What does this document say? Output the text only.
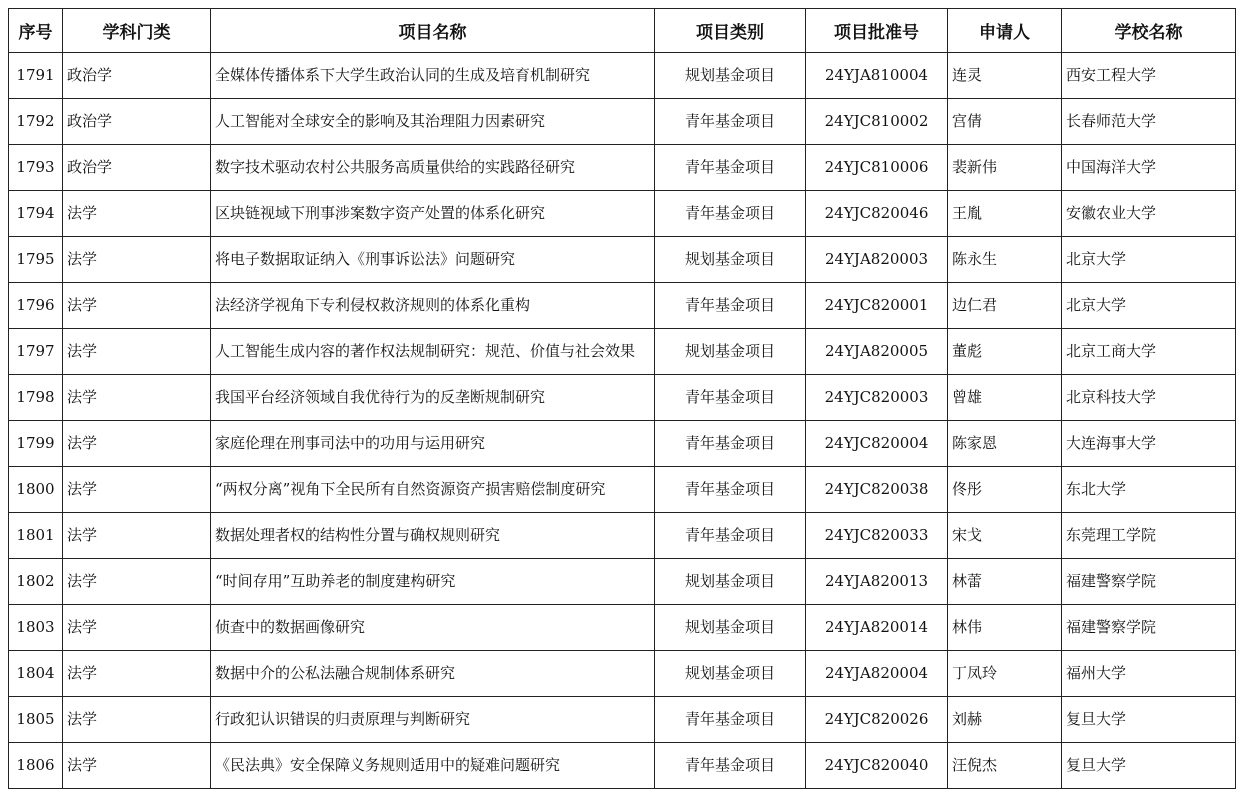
序号	学科门类	项目名称	项目类别	项目批准号	申请人	学校名称
1791	政治学	全媒体传播体系下大学生政治认同的生成及培育机制研究	规划基金项目	24YJA810004	连灵	西安工程大学
1792	政治学	人工智能对全球安全的影响及其治理阻力因素研究	青年基金项目	24YJC810002	宫倩	长春师范大学
1793	政治学	数字技术驱动农村公共服务高质量供给的实践路径研究	青年基金项目	24YJC810006	裴新伟	中国海洋大学
1794	法学	区块链视域下刑事涉案数字资产处置的体系化研究	青年基金项目	24YJC820046	王胤	安徽农业大学
1795	法学	将电子数据取证纳入《刑事诉讼法》问题研究	规划基金项目	24YJA820003	陈永生	北京大学
1796	法学	法经济学视角下专利侵权救济规则的体系化重构	青年基金项目	24YJC820001	边仁君	北京大学
1797	法学	人工智能生成内容的著作权法规制研究：规范、价值与社会效果	规划基金项目	24YJA820005	董彪	北京工商大学
1798	法学	我国平台经济领域自我优待行为的反垄断规制研究	青年基金项目	24YJC820003	曾雄	北京科技大学
1799	法学	家庭伦理在刑事司法中的功用与运用研究	青年基金项目	24YJC820004	陈家恩	大连海事大学
1800	法学	“两权分离”视角下全民所有自然资源资产损害赔偿制度研究	青年基金项目	24YJC820038	佟彤	东北大学
1801	法学	数据处理者权的结构性分置与确权规则研究	青年基金项目	24YJC820033	宋戈	东莞理工学院
1802	法学	“时间存用”互助养老的制度建构研究	规划基金项目	24YJA820013	林蕾	福建警察学院
1803	法学	侦查中的数据画像研究	规划基金项目	24YJA820014	林伟	福建警察学院
1804	法学	数据中介的公私法融合规制体系研究	规划基金项目	24YJA820004	丁凤玲	福州大学
1805	法学	行政犯认识错误的归责原理与判断研究	青年基金项目	24YJC820026	刘赫	复旦大学
1806	法学	《民法典》安全保障义务规则适用中的疑难问题研究	青年基金项目	24YJC820040	汪倪杰	复旦大学
